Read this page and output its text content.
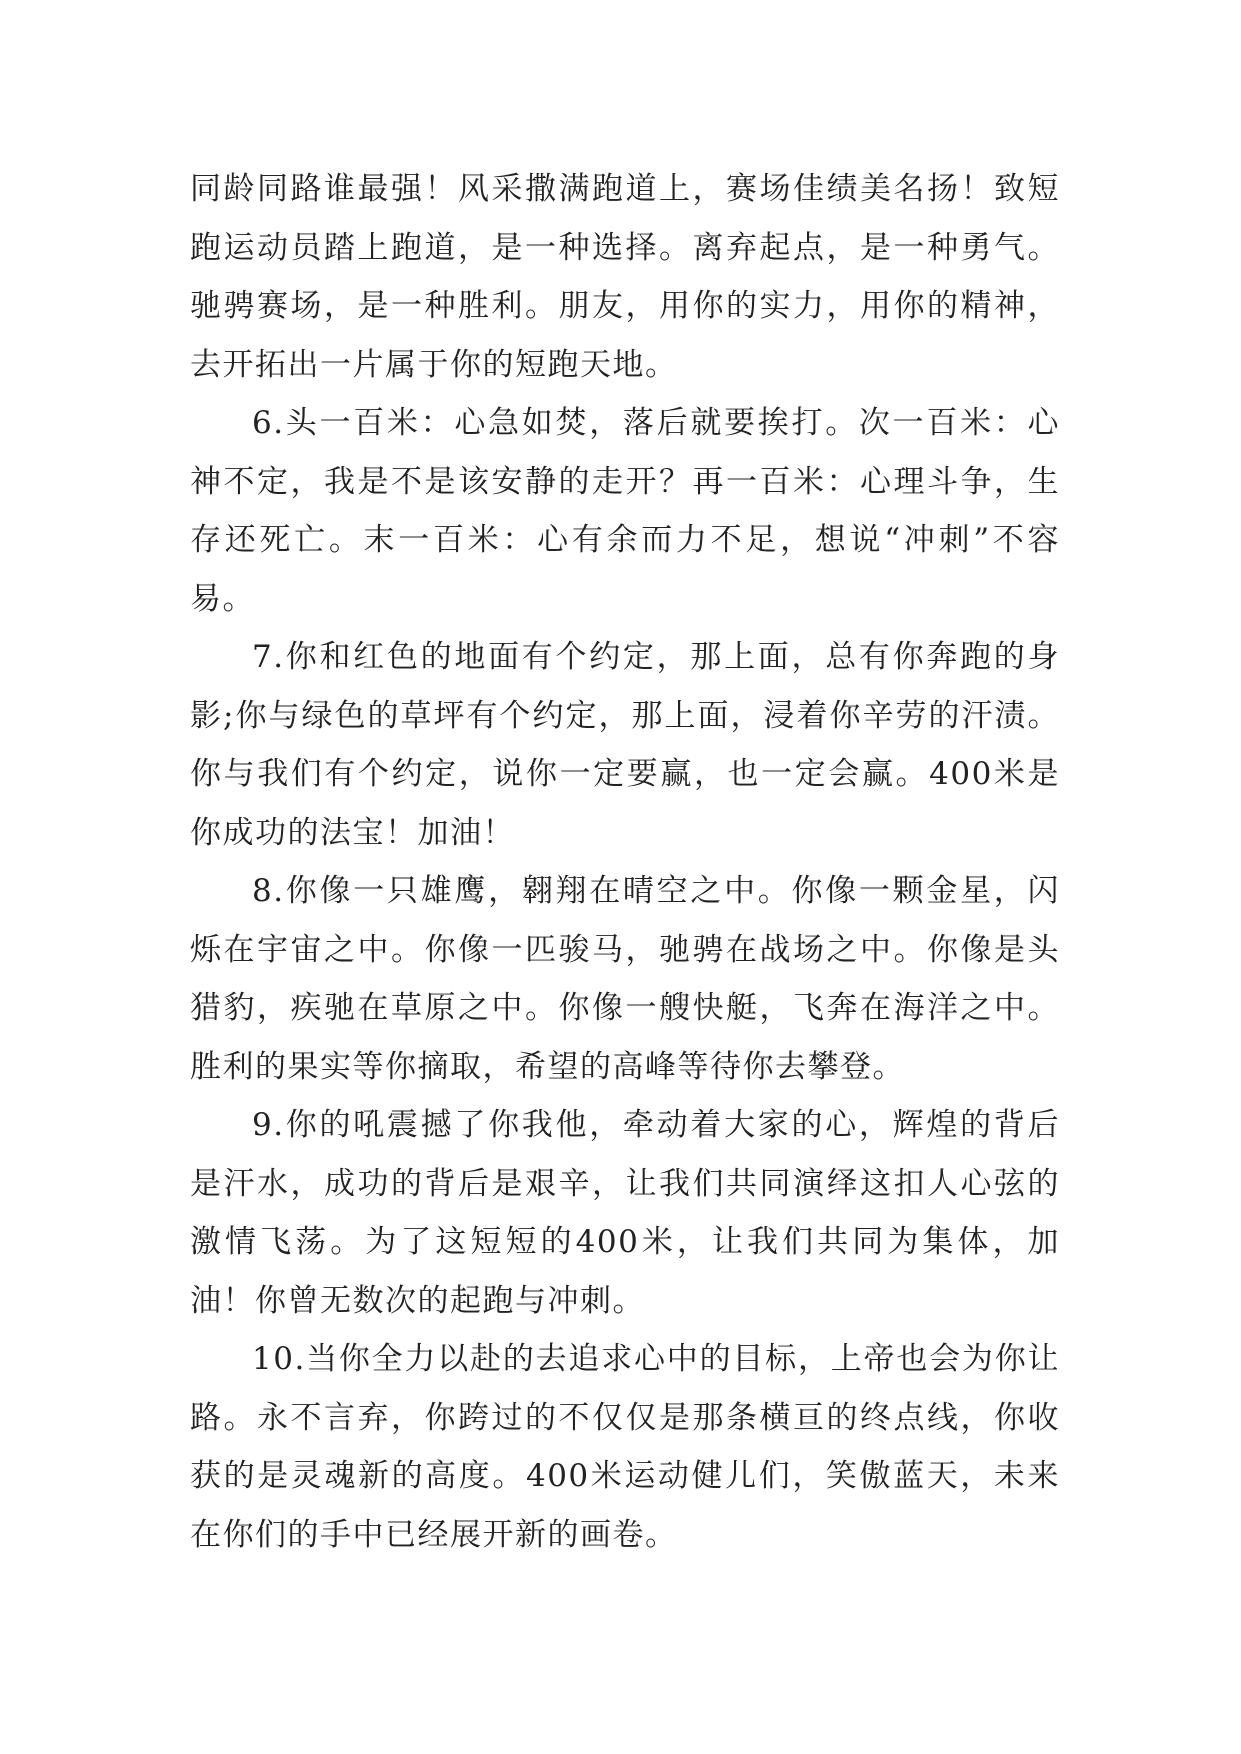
同龄同路谁最强！风采撒满跑道上，赛场佳绩美名扬！致短跑运动员踏上跑道，是一种选择。离弃起点，是一种勇气。驰骋赛场，是一种胜利。朋友，用你的实力，用你的精神，去开拓出一片属于你的短跑天地。

6.头一百米：心急如焚，落后就要挨打。次一百米：心神不定，我是不是该安静的走开？再一百米：心理斗争，生存还死亡。末一百米：心有余而力不足，想说“冲刺”不容易。

7.你和红色的地面有个约定，那上面，总有你奔跑的身影;你与绿色的草坪有个约定，那上面，浸着你辛劳的汗渍。你与我们有个约定，说你一定要赢，也一定会赢。400米是你成功的法宝！加油！

8.你像一只雄鹰，翱翔在晴空之中。你像一颗金星，闪烁在宇宙之中。你像一匹骏马，驰骋在战场之中。你像是头猎豹，疾驰在草原之中。你像一艘快艇，飞奔在海洋之中。胜利的果实等你摘取，希望的高峰等待你去攀登。

9.你的吼震撼了你我他，牵动着大家的心，辉煌的背后是汗水，成功的背后是艰辛，让我们共同演绎这扣人心弦的激情飞荡。为了这短短的400米，让我们共同为集体，加油！你曾无数次的起跑与冲刺。

10.当你全力以赴的去追求心中的目标，上帝也会为你让路。永不言弃，你跨过的不仅仅是那条横亘的终点线，你收获的是灵魂新的高度。400米运动健儿们，笑傲蓝天，未来在你们的手中已经展开新的画卷。
